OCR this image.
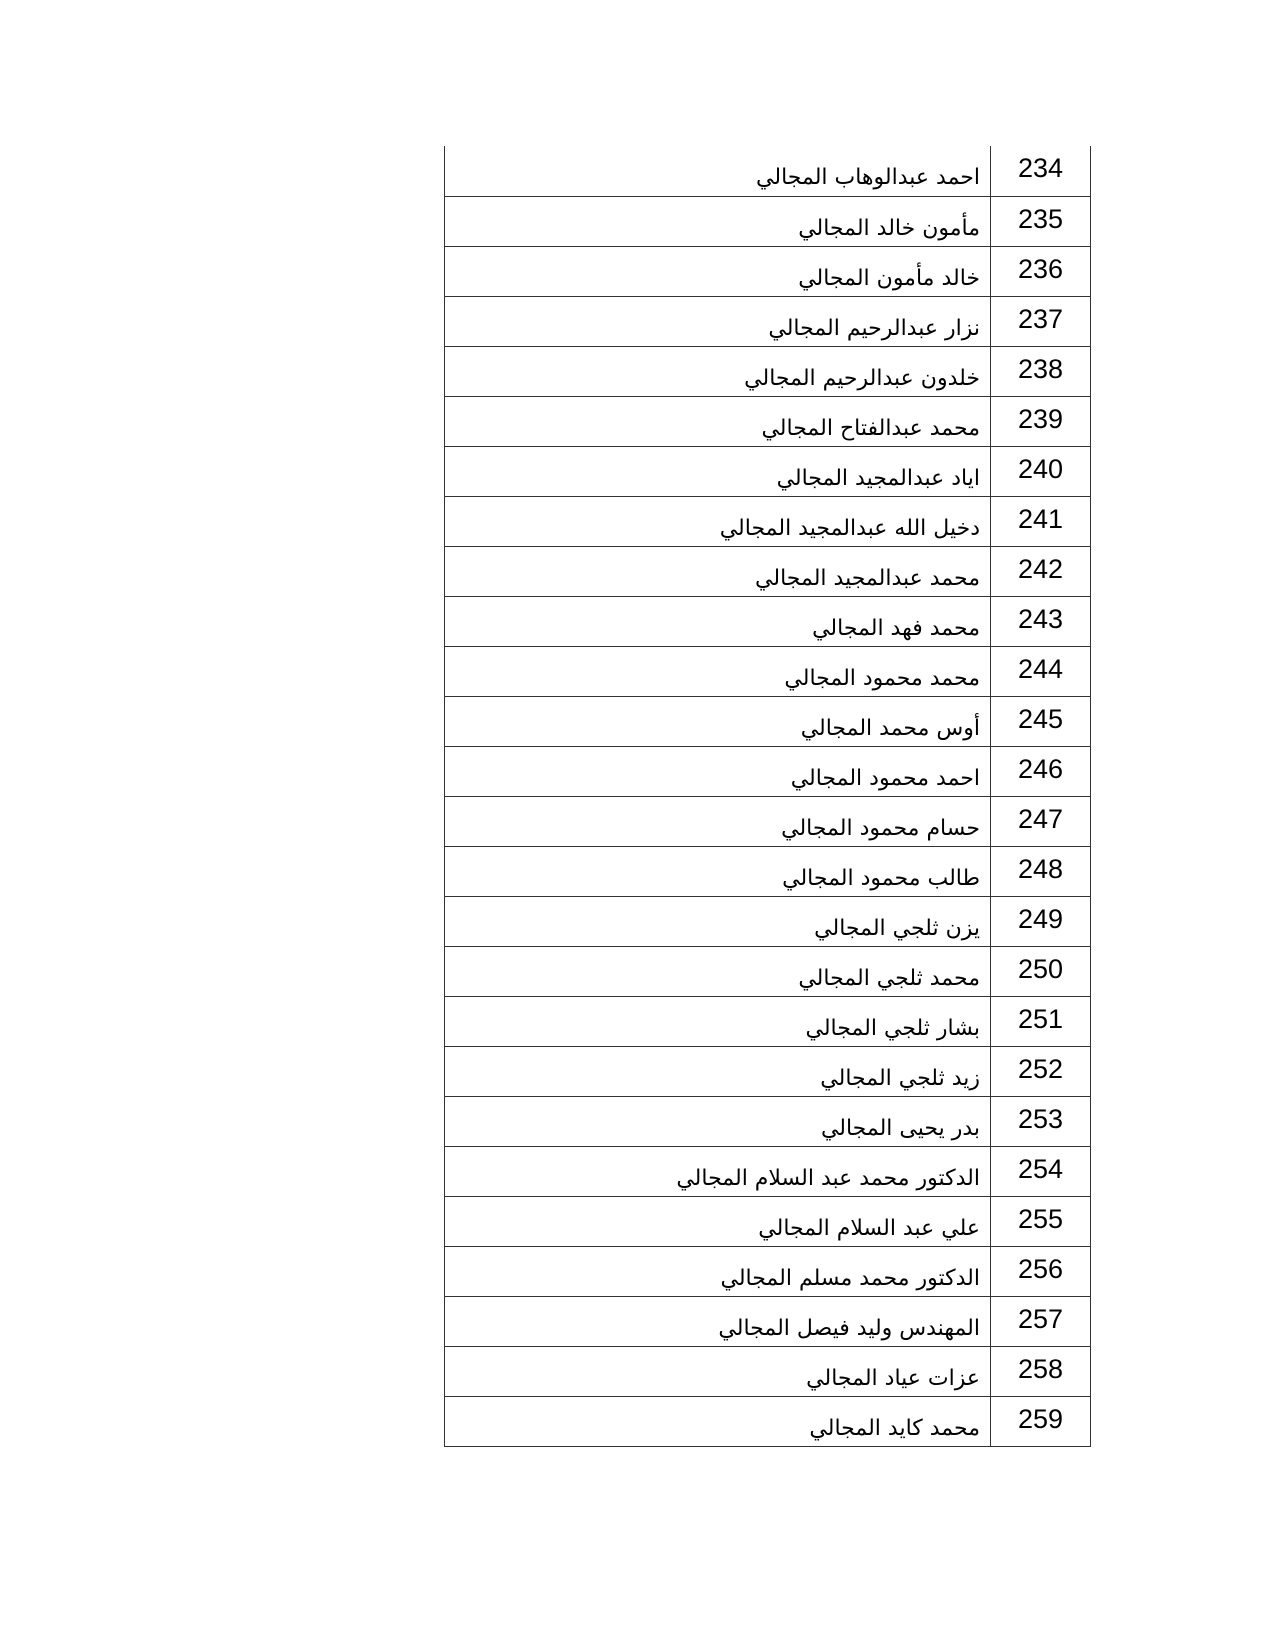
احمد عبدالوهاب المجالي	234
مأمون خالد المجالي	235
خالد مأمون المجالي	236
نزار عبدالرحيم المجالي	237
خلدون عبدالرحيم المجالي	238
محمد عبدالفتاح المجالي	239
اياد عبدالمجيد المجالي	240
دخيل الله عبدالمجيد المجالي	241
محمد عبدالمجيد المجالي	242
محمد فهد المجالي	243
محمد محمود المجالي	244
أوس محمد المجالي	245
احمد محمود المجالي	246
حسام محمود المجالي	247
طالب محمود المجالي	248
يزن ثلجي المجالي	249
محمد ثلجي المجالي	250
بشار ثلجي المجالي	251
زيد ثلجي المجالي	252
بدر يحيى المجالي	253
الدكتور محمد عبد السلام المجالي	254
علي عبد السلام المجالي	255
الدكتور محمد مسلم المجالي	256
المهندس وليد فيصل المجالي	257
عزات عياد المجالي	258
محمد كايد المجالي	259
